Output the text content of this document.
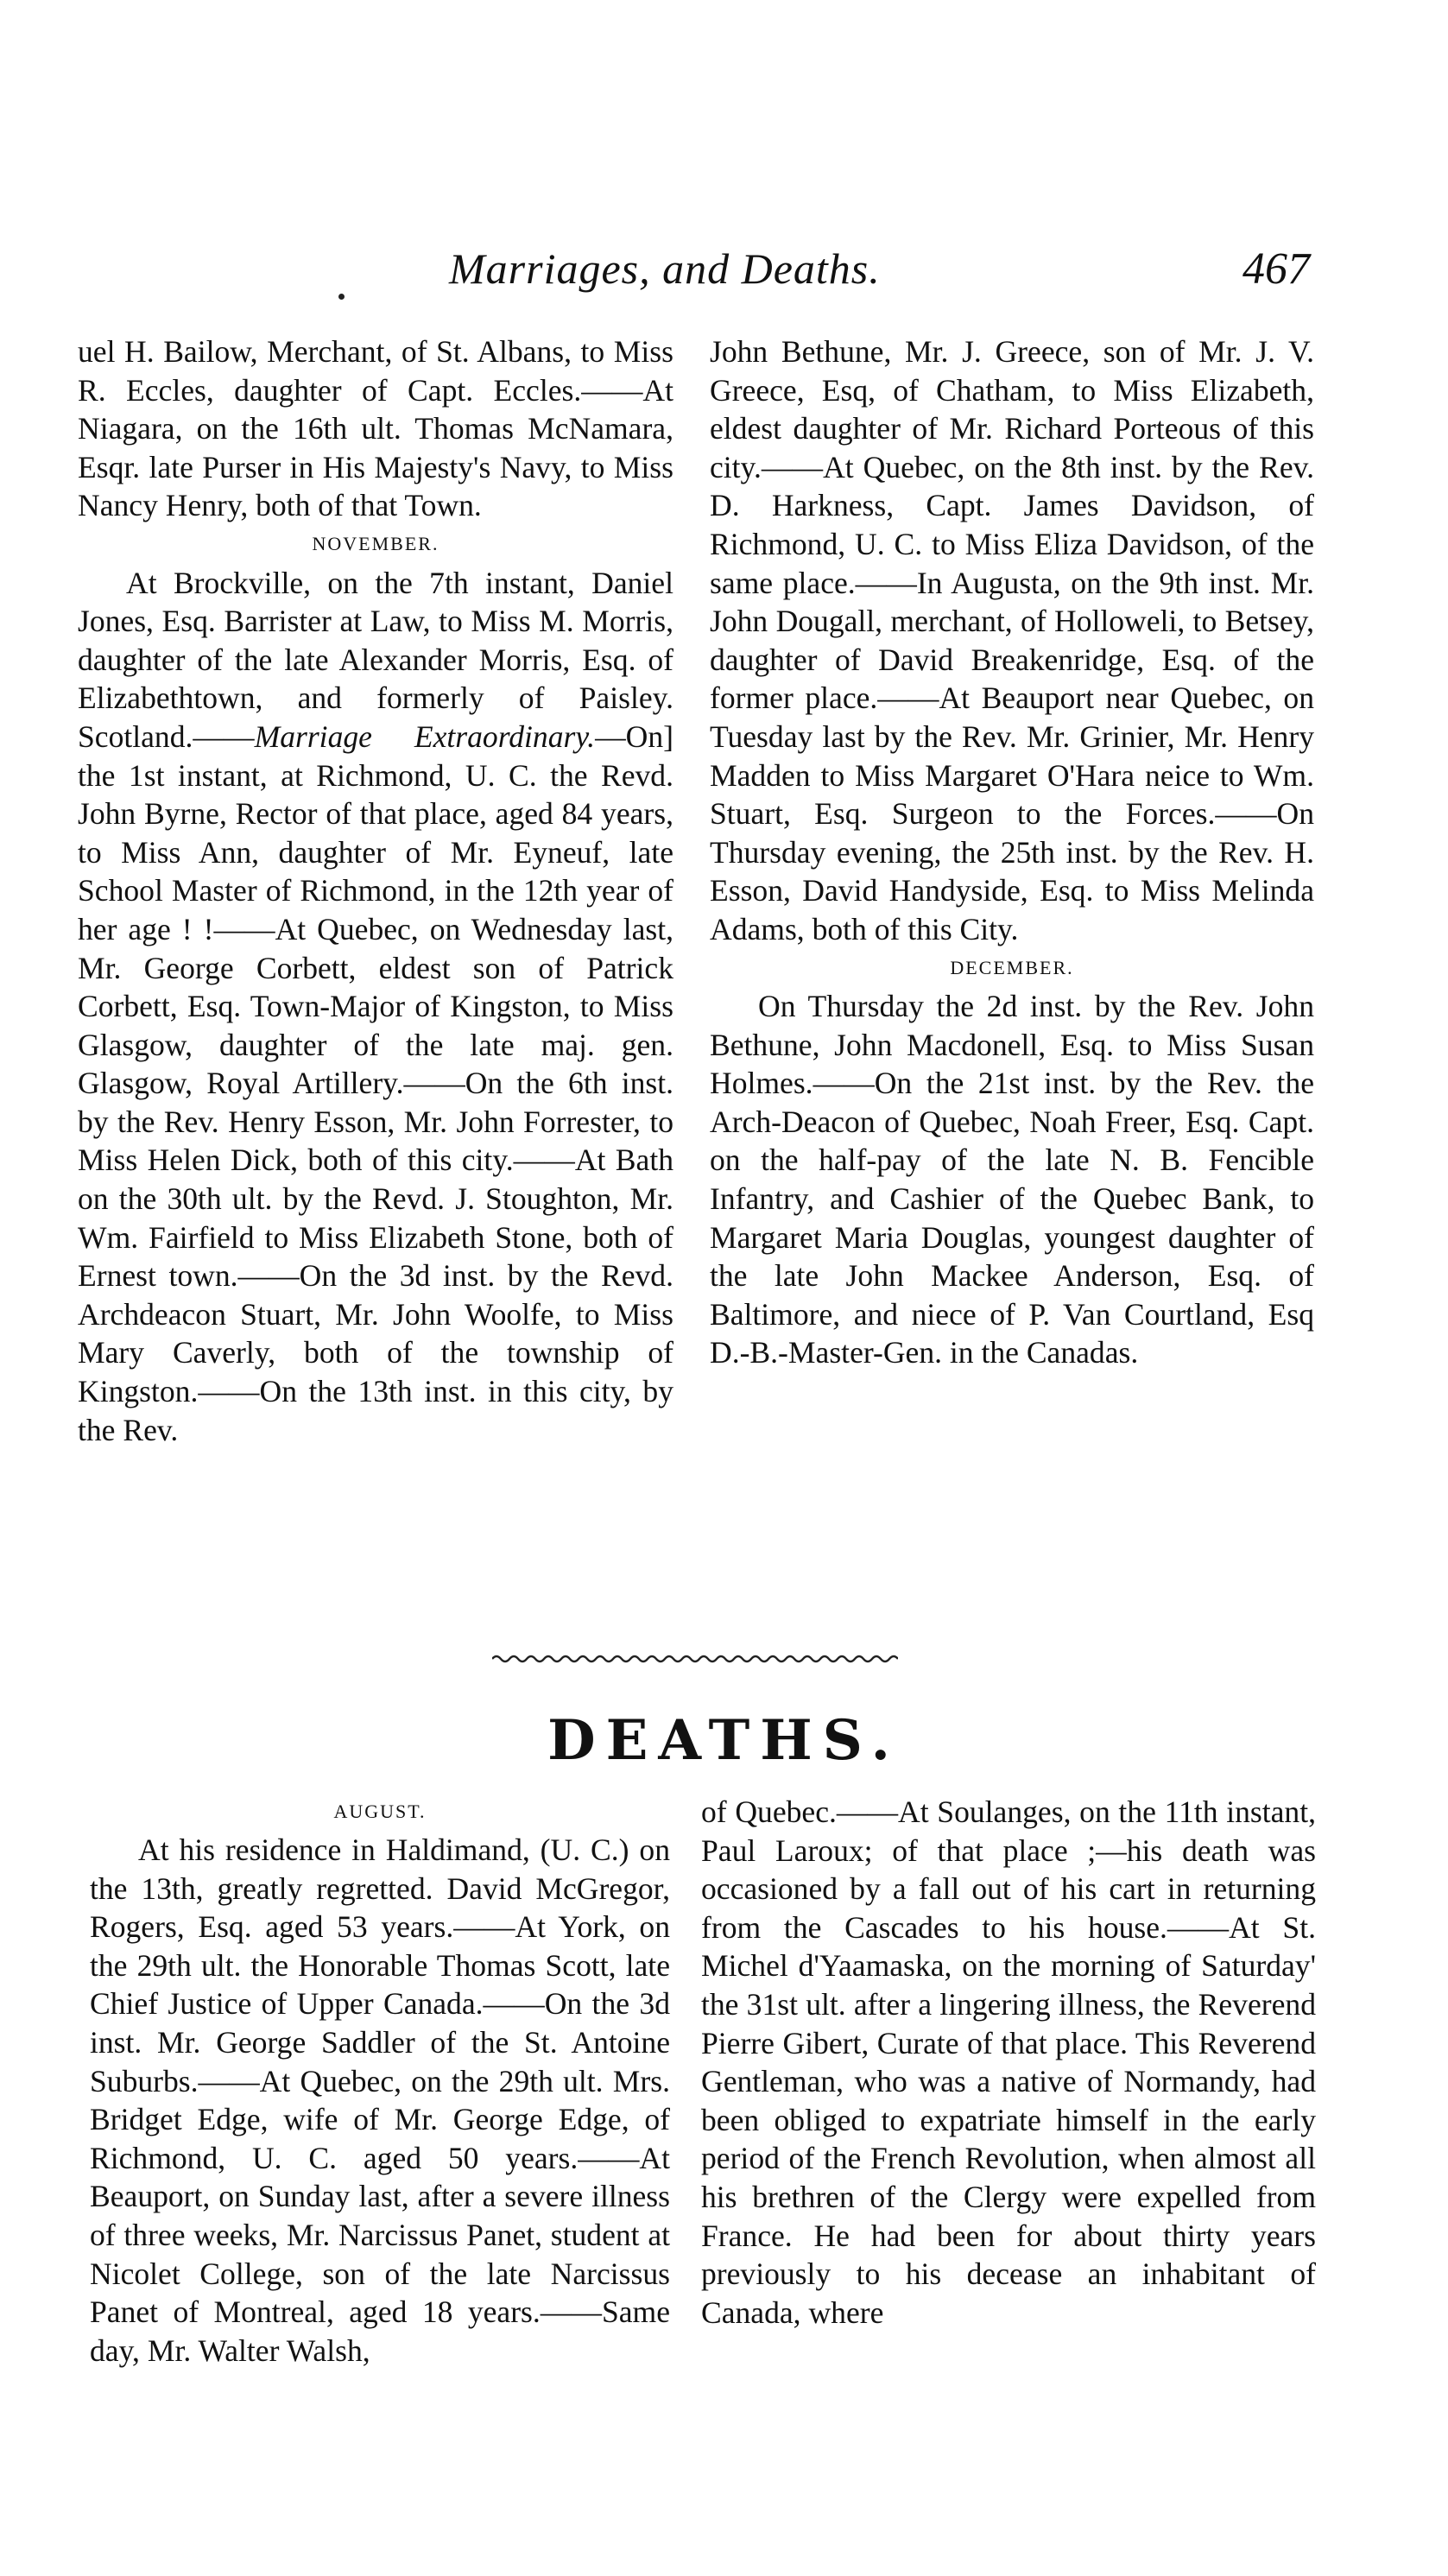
Marriages, and Deaths.	467

uel H. Bailow, Merchant, of St. Albans, to Miss R. Eccles, daughter of Capt. Eccles.——At Niagara, on the 16th ult. Thomas McNamara, Esqr. late Purser in His Majesty's Navy, to Miss Nancy Henry, both of that Town.

NOVEMBER.

At Brockville, on the 7th instant, Daniel Jones, Esq. Barrister at Law, to Miss M. Morris, daughter of the late Alexander Morris, Esq. of Elizabethtown, and formerly of Paisley. Scotland.——Marriage Extraordinary.—On] the 1st instant, at Richmond, U. C. the Revd. John Byrne, Rector of that place, aged 84 years, to Miss Ann, daughter of Mr. Eyneuf, late School Master of Richmond, in the 12th year of her age ! !——At Quebec, on Wednesday last, Mr. George Corbett, eldest son of Patrick Corbett, Esq. Town-Major of Kingston, to Miss Glasgow, daughter of the late maj. gen. Glasgow, Royal Artillery.——On the 6th inst. by the Rev. Henry Esson, Mr. John Forrester, to Miss Helen Dick, both of this city.——At Bath on the 30th ult. by the Revd. J. Stoughton, Mr. Wm. Fairfield to Miss Elizabeth Stone, both of Ernest town.——On the 3d inst. by the Revd. Archdeacon Stuart, Mr. John Woolfe, to Miss Mary Caverly, both of the township of Kingston.——On the 13th inst. in this city, by the Rev.

John Bethune, Mr. J. Greece, son of Mr. J. V. Greece, Esq, of Chatham, to Miss Elizabeth, eldest daughter of Mr. Richard Porteous of this city.——At Quebec, on the 8th inst. by the Rev. D. Harkness, Capt. James Davidson, of Richmond, U. C. to Miss Eliza Davidson, of the same place.——In Augusta, on the 9th inst. Mr. John Dougall, merchant, of Holloweli, to Betsey, daughter of David Breakenridge, Esq. of the former place.——At Beauport near Quebec, on Tuesday last by the Rev. Mr. Grinier, Mr. Henry Madden to Miss Margaret O'Hara neice to Wm. Stuart, Esq. Surgeon to the Forces.——On Thursday evening, the 25th inst. by the Rev. H. Esson, David Handyside, Esq. to Miss Melinda Adams, both of this City.

DECEMBER.

On Thursday the 2d inst. by the Rev. John Bethune, John Macdonell, Esq. to Miss Susan Holmes.——On the 21st inst. by the Rev. the Arch-Deacon of Quebec, Noah Freer, Esq. Capt. on the half-pay of the late N. B. Fencible Infantry, and Cashier of the Quebec Bank, to Margaret Maria Douglas, youngest daughter of the late John Mackee Anderson, Esq. of Baltimore, and niece of P. Van Courtland, Esq D.-B.-Master-Gen. in the Canadas.

DEATHS.

AUGUST.

At his residence in Haldimand, (U. C.) on the 13th, greatly regretted. David McGregor, Rogers, Esq. aged 53 years.——At York, on the 29th ult. the Honorable Thomas Scott, late Chief Justice of Upper Canada.——On the 3d inst. Mr. George Saddler of the St. Antoine Suburbs.——At Quebec, on the 29th ult. Mrs. Bridget Edge, wife of Mr. George Edge, of Richmond, U. C. aged 50 years.——At Beauport, on Sunday last, after a severe illness of three weeks, Mr. Narcissus Panet, student at Nicolet College, son of the late Narcissus Panet of Montreal, aged 18 years.——Same day, Mr. Walter Walsh,

of Quebec.——At Soulanges, on the 11th instant, Paul Laroux; of that place ;—his death was occasioned by a fall out of his cart in returning from the Cascades to his house.——At St. Michel d'Yaamaska, on the morning of Saturday' the 31st ult. after a lingering illness, the Reverend Pierre Gibert, Curate of that place. This Reverend Gentleman, who was a native of Normandy, had been obliged to expatriate himself in the early period of the French Revolution, when almost all his brethren of the Clergy were expelled from France. He had been for about thirty years previously to his decease an inhabitant of Canada, where
